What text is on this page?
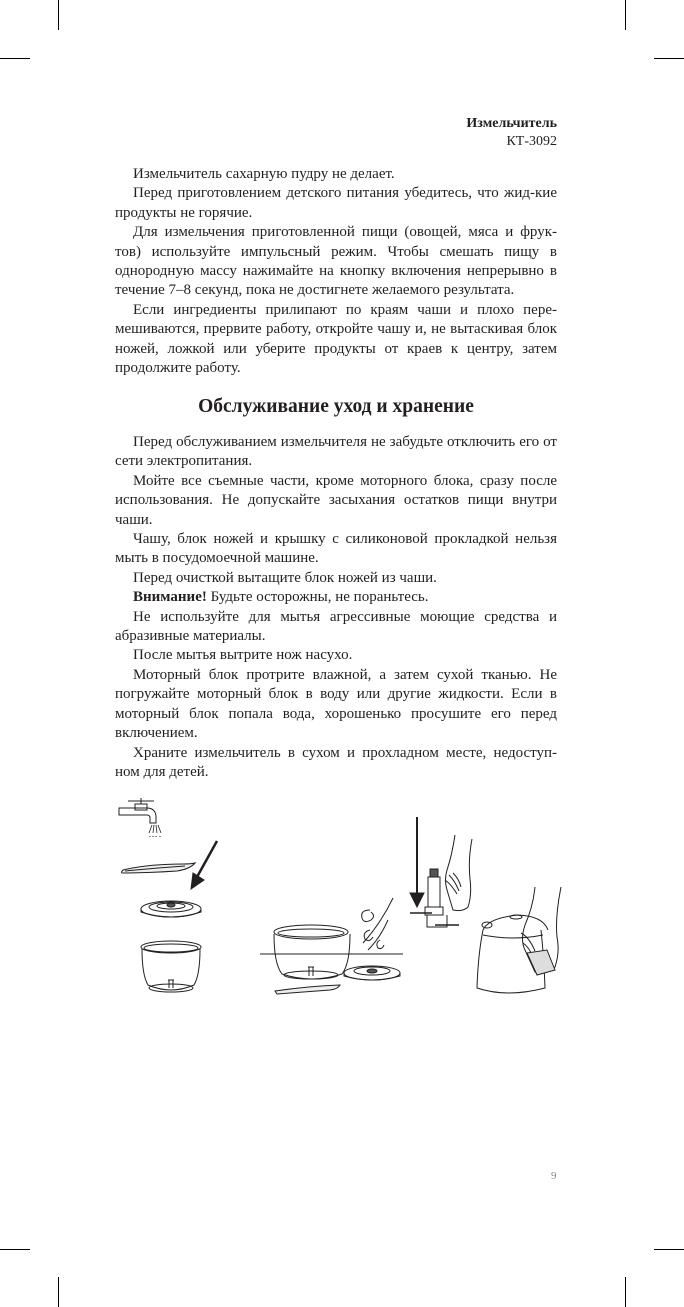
Измельчитель
КТ-3092

Измельчитель сахарную пудру не делает.

Перед приготовлением детского питания убедитесь, что жид-кие продукты не горячие.

Для измельчения приготовленной пищи (овощей, мяса и фрук-тов) используйте импульсный режим. Чтобы смешать пищу в однородную массу нажимайте на кнопку включения непрерывно в течение 7–8 секунд, пока не достигнете желаемого результата.

Если ингредиенты прилипают по краям чаши и плохо пере-мешиваются, прервите работу, откройте чашу и, не вытаскивая блок ножей, ложкой или уберите продукты от краев к центру, затем продолжите работу.

Обслуживание уход и хранение

Перед обслуживанием измельчителя не забудьте отключить его от сети электропитания.

Мойте все съемные части, кроме моторного блока, сразу после использования. Не допускайте засыхания остатков пищи внутри чаши.

Чашу, блок ножей и крышку с силиконовой прокладкой нельзя мыть в посудомоечной машине.

Перед очисткой вытащите блок ножей из чаши.

Внимание! Будьте осторожны, не пораньтесь.

Не используйте для мытья агрессивные моющие средства и абразивные материалы.

После мытья вытрите нож насухо.

Моторный блок протрите влажной, а затем сухой тканью. Не погружайте моторный блок в воду или другие жидкости. Если в моторный блок попала вода, хорошенько просушите его перед включением.

Храните измельчитель в сухом и прохладном месте, недоступ-ном для детей.

9
